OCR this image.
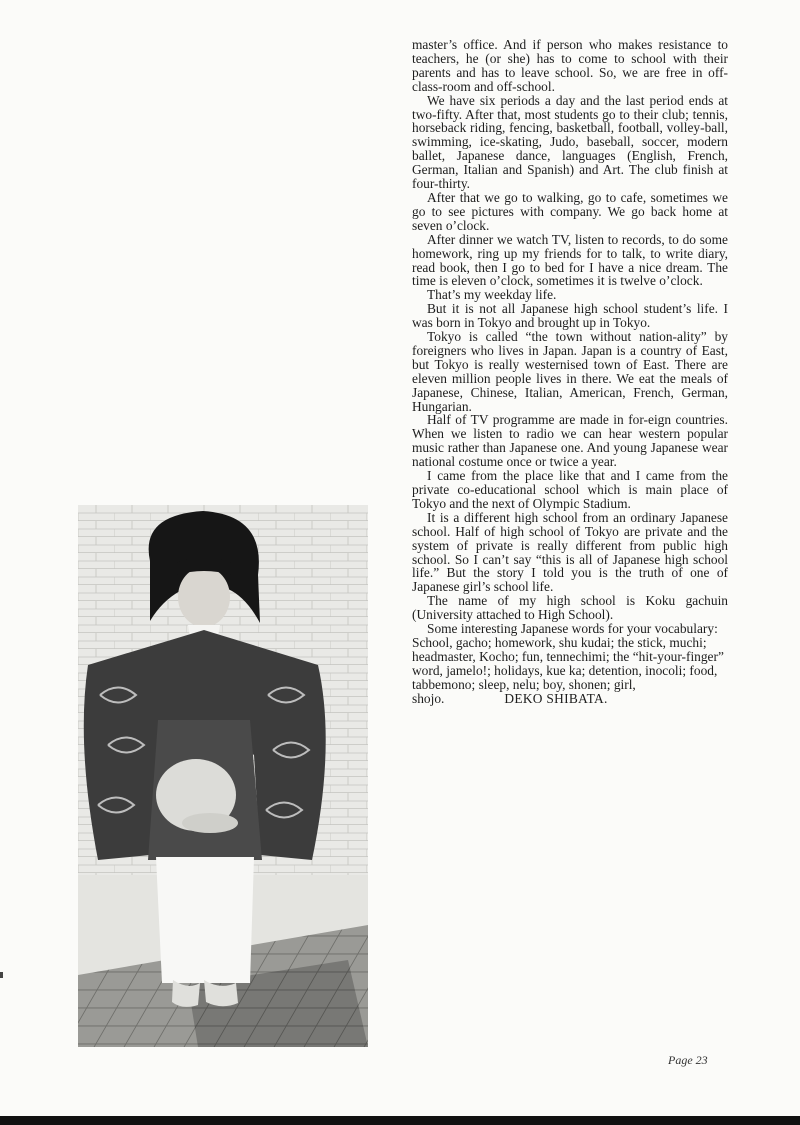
master’s office. And if person who makes resistance to teachers, he (or she) has to come to school with their parents and has to leave school. So, we are free in off-class-room and off-school.

We have six periods a day and the last period ends at two-fifty. After that, most students go to their club; tennis, horseback riding, fencing, basketball, football, volley-ball, swimming, ice-skating, Judo, baseball, soccer, modern ballet, Japanese dance, languages (English, French, German, Italian and Spanish) and Art. The club finish at four-thirty.

After that we go to walking, go to cafe, sometimes we go to see pictures with company. We go back home at seven o’clock.

After dinner we watch TV, listen to records, to do some homework, ring up my friends for to talk, to write diary, read book, then I go to bed for I have a nice dream. The time is eleven o’clock, sometimes it is twelve o’clock.

That’s my weekday life.

But it is not all Japanese high school student’s life. I was born in Tokyo and brought up in Tokyo.

Tokyo is called “the town without nation-ality” by foreigners who lives in Japan. Japan is a country of East, but Tokyo is really westernised town of East. There are eleven million people lives in there. We eat the meals of Japanese, Chinese, Italian, American, French, German, Hungarian.

Half of TV programme are made in for-eign countries. When we listen to radio we can hear western popular music rather than Japanese one. And young Japanese wear national costume once or twice a year.

I came from the place like that and I came from the private co-educational school which is main place of Tokyo and the next of Olympic Stadium.

It is a different high school from an ordinary Japanese school. Half of high school of Tokyo are private and the system of private is really different from public high school. So I can’t say “this is all of Japanese high school life.” But the story I told you is the truth of one of Japanese girl’s school life.

The name of my high school is Koku gachuin (University attached to High School).

Some interesting Japanese words for your vocabulary: School, gacho; homework, shu kudai; the stick, muchi; headmaster, Kocho; fun, tennechimi; the “hit-your-finger” word, jamelo!; holidays, kue ka; detention, inocoli; food, tabbemono; sleep, nelu; boy, shonen; girl, shojo.	DEKO SHIBATA.

Page 23
